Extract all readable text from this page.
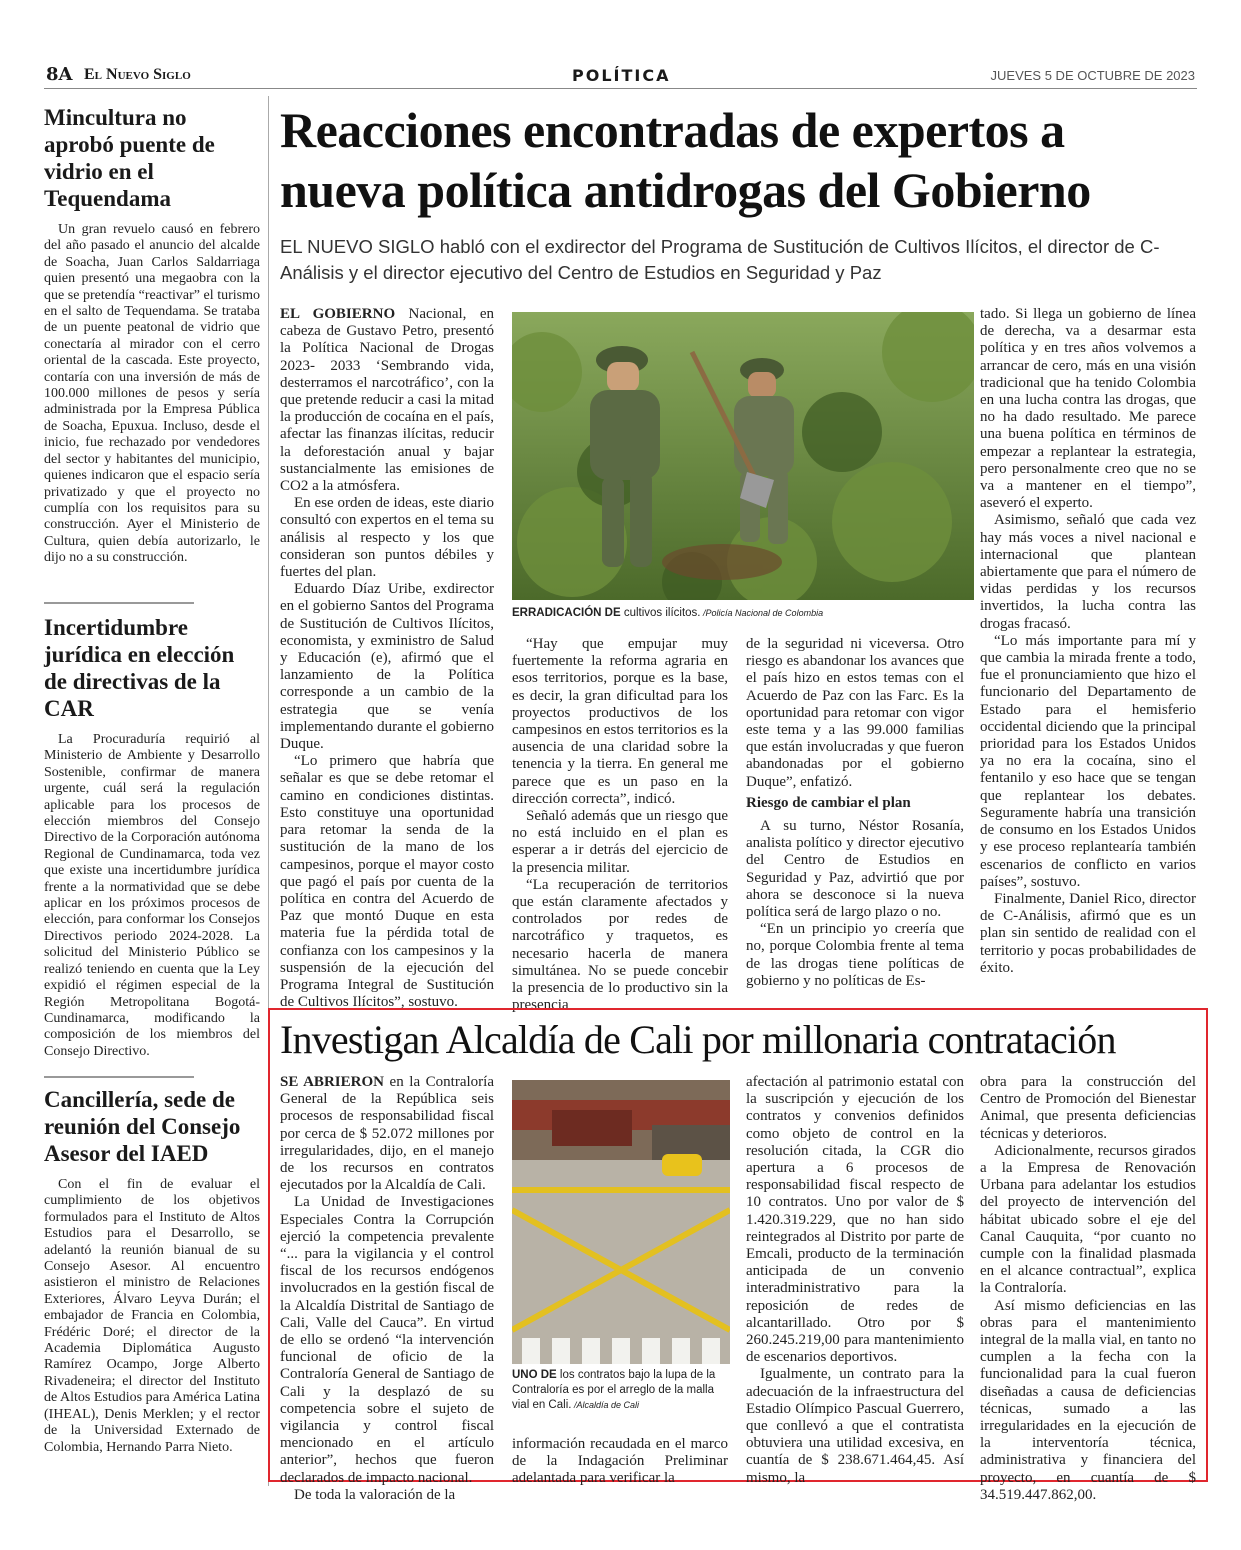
8A El Nuevo Siglo	POLÍTICA	JUEVES 5 DE OCTUBRE DE 2023
Mincultura no aprobó puente de vidrio en el Tequendama

Un gran revuelo causó en febrero del año pasado el anuncio del alcalde de Soacha, Juan Carlos Saldarriaga quien presentó una megaobra con la que se pretendía “reactivar” el turismo en el salto de Tequendama. Se trataba de un puente peatonal de vidrio que conectaría al mirador con el cerro oriental de la cascada. Este proyecto, contaría con una inversión de más de 100.000 millones de pesos y sería administrada por la Empresa Pública de Soacha, Epuxua. Incluso, desde el inicio, fue rechazado por vendedores del sector y habitantes del municipio, quienes indicaron que el espacio sería privatizado y que el proyecto no cumplía con los requisitos para su construcción. Ayer el Ministerio de Cultura, quien debía autorizarlo, le dijo no a su construcción.

Incertidumbre jurídica en elección de directivas de la CAR

La Procuraduría requirió al Ministerio de Ambiente y Desarrollo Sostenible, confirmar de manera urgente, cuál será la regulación aplicable para los procesos de elección miembros del Consejo Directivo de la Corporación autónoma Regional de Cundinamarca, toda vez que existe una incertidumbre jurídica frente a la normatividad que se debe aplicar en los próximos procesos de elección, para conformar los Consejos Directivos periodo 2024-2028. La solicitud del Ministerio Público se realizó teniendo en cuenta que la Ley expidió el régimen especial de la Región Metropolitana Bogotá-Cundinamarca, modificando la composición de los miembros del Consejo Directivo.

Cancillería, sede de reunión del Consejo Asesor del IAED

Con el fin de evaluar el cumplimiento de los objetivos formulados para el Instituto de Altos Estudios para el Desarrollo, se adelantó la reunión bianual de su Consejo Asesor. Al encuentro asistieron el ministro de Relaciones Exteriores, Álvaro Leyva Durán; el embajador de Francia en Colombia, Frédéric Doré; el director de la Academia Diplomática Augusto Ramírez Ocampo, Jorge Alberto Rivadeneira; el director del Instituto de Altos Estudios para América Latina (IHEAL), Denis Merklen; y el rector de la Universidad Externado de Colombia, Hernando Parra Nieto.

Reacciones encontradas de expertos a nueva política antidrogas del Gobierno
EL NUEVO SIGLO habló con el exdirector del Programa de Sustitución de Cultivos Ilícitos, el director de C-Análisis y el director ejecutivo del Centro de Estudios en Seguridad y Paz

EL GOBIERNO Nacional, en cabeza de Gustavo Petro, presentó la Política Nacional de Drogas 2023- 2033 ‘Sembrando vida, desterramos el narcotráfico’, con la que pretende reducir a casi la mitad la producción de cocaína en el país, afectar las finanzas ilícitas, reducir la deforestación anual y bajar sustancialmente las emisiones de CO2 a la atmósfera.

En ese orden de ideas, este diario consultó con expertos en el tema su análisis al respecto y los que consideran son puntos débiles y fuertes del plan.

Eduardo Díaz Uribe, exdirector en el gobierno Santos del Programa de Sustitución de Cultivos Ilícitos, economista, y exministro de Salud y Educación (e), afirmó que el lanzamiento de la Política corresponde a un cambio de la estrategia que se venía implementando durante el gobierno Duque.

“Lo primero que habría que señalar es que se debe retomar el camino en condiciones distintas. Esto constituye una oportunidad para retomar la senda de la sustitución de la mano de los campesinos, porque el mayor costo que pagó el país por cuenta de la política en contra del Acuerdo de Paz que montó Duque en esta materia fue la pérdida total de confianza con los campesinos y la suspensión de la ejecución del Programa Integral de Sustitución de Cultivos Ilícitos”, sostuvo.

ERRADICACIÓN DE cultivos ilícitos. /Policía Nacional de Colombia

“Hay que empujar muy fuertemente la reforma agraria en esos territorios, porque es la base, es decir, la gran dificultad para los proyectos productivos de los campesinos en estos territorios es la ausencia de una claridad sobre la tenencia y la tierra. En general me parece que es un paso en la dirección correcta”, indicó.

Señaló además que un riesgo que no está incluido en el plan es esperar a ir detrás del ejercicio de la presencia militar.

“La recuperación de territorios que están claramente afectados y controlados por redes de narcotráfico y traquetos, es necesario hacerla de manera simultánea. No se puede concebir la presencia de lo productivo sin la presencia

de la seguridad ni viceversa. Otro riesgo es abandonar los avances que el país hizo en estos temas con el Acuerdo de Paz con las Farc. Es la oportunidad para retomar con vigor este tema y a las 99.000 familias que están involucradas y que fueron abandonadas por el gobierno Duque”, enfatizó.

Riesgo de cambiar el plan

A su turno, Néstor Rosanía, analista político y director ejecutivo del Centro de Estudios en Seguridad y Paz, advirtió que por ahora se desconoce si la nueva política será de largo plazo o no.

“En un principio yo creería que no, porque Colombia frente al tema de las drogas tiene políticas de gobierno y no políticas de Es-

tado. Si llega un gobierno de línea de derecha, va a desarmar esta política y en tres años volvemos a arrancar de cero, más en una visión tradicional que ha tenido Colombia en una lucha contra las drogas, que no ha dado resultado. Me parece una buena política en términos de empezar a replantear la estrategia, pero personalmente creo que no se va a mantener en el tiempo”, aseveró el experto.

Asimismo, señaló que cada vez hay más voces a nivel nacional e internacional que plantean abiertamente que para el número de vidas perdidas y los recursos invertidos, la lucha contra las drogas fracasó.

“Lo más importante para mí y que cambia la mirada frente a todo, fue el pronunciamiento que hizo el funcionario del Departamento de Estado para el hemisferio occidental diciendo que la principal prioridad para los Estados Unidos ya no era la cocaína, sino el fentanilo y eso hace que se tengan que replantear los debates. Seguramente habría una transición de consumo en los Estados Unidos y ese proceso replantearía también escenarios de conflicto en varios países”, sostuvo.

Finalmente, Daniel Rico, director de C-Análisis, afirmó que es un plan sin sentido de realidad con el territorio y pocas probabilidades de éxito.

Investigan Alcaldía de Cali por millonaria contratación

SE ABRIERON en la Contraloría General de la República seis procesos de responsabilidad fiscal por cerca de $ 52.072 millones por irregularidades, dijo, en el manejo de los recursos en contratos ejecutados por la Alcaldía de Cali.

La Unidad de Investigaciones Especiales Contra la Corrupción ejerció la competencia prevalente “... para la vigilancia y el control fiscal de los recursos endógenos involucrados en la gestión fiscal de la Alcaldía Distrital de Santiago de Cali, Valle del Cauca”. En virtud de ello se ordenó “la intervención funcional de oficio de la Contraloría General de Santiago de Cali y la desplazó de su competencia sobre el sujeto de vigilancia y control fiscal mencionado en el artículo anterior”, hechos que fueron declarados de impacto nacional.

De toda la valoración de la

UNO DE los contratos bajo la lupa de la Contraloría es por el arreglo de la malla vial en Cali. /Alcaldía de Cali

información recaudada en el marco de la Indagación Preliminar adelantada para verificar la

afectación al patrimonio estatal con la suscripción y ejecución de los contratos y convenios definidos como objeto de control en la resolución citada, la CGR dio apertura a 6 procesos de responsabilidad fiscal respecto de 10 contratos. Uno por valor de $ 1.420.319.229, que no han sido reintegrados al Distrito por parte de Emcali, producto de la terminación anticipada de un convenio interadministrativo para la reposición de redes de alcantarillado. Otro por $ 260.245.219,00 para mantenimiento de escenarios deportivos.

Igualmente, un contrato para la adecuación de la infraestructura del Estadio Olímpico Pascual Guerrero, que conllevó a que el contratista obtuviera una utilidad excesiva, en cuantía de $ 238.671.464,45. Así mismo, la

obra para la construcción del Centro de Promoción del Bienestar Animal, que presenta deficiencias técnicas y deterioros.

Adicionalmente, recursos girados a la Empresa de Renovación Urbana para adelantar los estudios del proyecto de intervención del hábitat ubicado sobre el eje del Canal Cauquita, “por cuanto no cumple con la finalidad plasmada en el alcance contractual”, explica la Contraloría.

Así mismo deficiencias en las obras para el mantenimiento integral de la malla vial, en tanto no cumplen a la fecha con la funcionalidad para la cual fueron diseñadas a causa de deficiencias técnicas, sumado a las irregularidades en la ejecución de la interventoría técnica, administrativa y financiera del proyecto, en cuantía de $ 34.519.447.862,00.
